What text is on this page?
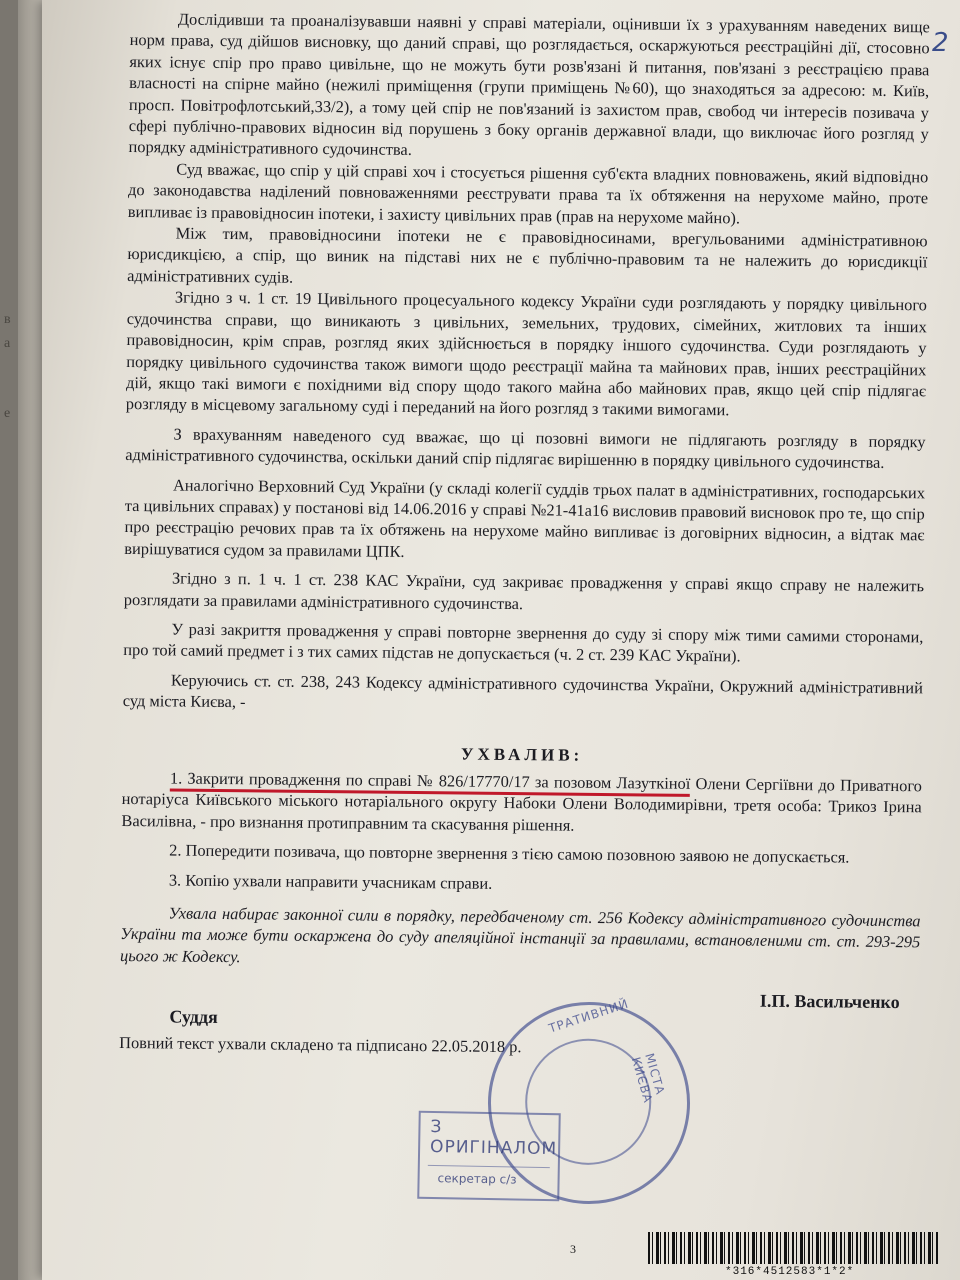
в
а
е
2

Дослідивши та проаналізувавши наявні у справі матеріали, оцінивши їх з урахуванням наведених вище норм права, суд дійшов висновку, що даний справі, що розглядається, оскаржуються реєстраційні дії, стосовно яких існує спір про право цивільне, що не можуть бути розв'язані й питання, пов'язані з реєстрацією права власності на спірне майно (нежилі приміщення (групи приміщень №60), що знаходяться за адресою: м. Київ, просп. Повітрофлотський,33/2), а тому цей спір не пов'язаний із захистом прав, свобод чи інтересів позивача у сфері публічно-правових відносин від порушень з боку органів державної влади, що виключає його розгляд у порядку адміністративного судочинства.

Суд вважає, що спір у цій справі хоч і стосується рішення суб'єкта владних повноважень, який відповідно до законодавства наділений повноваженнями реєструвати права та їх обтяження на нерухоме майно, проте випливає із правовідносин іпотеки, і захисту цивільних прав (прав на нерухоме майно).

Між тим, правовідносини іпотеки не є правовідносинами, врегульованими адміністративною юрисдикцією, а спір, що виник на підставі них не є публічно-правовим та не належить до юрисдикції адміністративних судів.

Згідно з ч. 1 ст. 19 Цивільного процесуального кодексу України суди розглядають у порядку цивільного судочинства справи, що виникають з цивільних, земельних, трудових, сімейних, житлових та інших правовідносин, крім справ, розгляд яких здійснюється в порядку іншого судочинства. Суди розглядають у порядку цивільного судочинства також вимоги щодо реєстрації майна та майнових прав, інших реєстраційних дій, якщо такі вимоги є похідними від спору щодо такого майна або майнових прав, якщо цей спір підлягає розгляду в місцевому загальному суді і переданий на його розгляд з такими вимогами.

З врахуванням наведеного суд вважає, що ці позовні вимоги не підлягають розгляду в порядку адміністративного судочинства, оскільки даний спір підлягає вирішенню в порядку цивільного судочинства.

Аналогічно Верховний Суд України (у складі колегії суддів трьох палат в адміністративних, господарських та цивільних справах) у постанові від 14.06.2016 у справі №21-41а16 висловив правовий висновок про те, що спір про реєстрацію речових прав та їх обтяжень на нерухоме майно випливає із договірних відносин, а відтак має вирішуватися судом за правилами ЦПК.

Згідно з п. 1 ч. 1 ст. 238 КАС України, суд закриває провадження у справі якщо справу не належить розглядати за правилами адміністративного судочинства.

У разі закриття провадження у справі повторне звернення до суду зі спору між тими самими сторонами, про той самий предмет і з тих самих підстав не допускається (ч. 2 ст. 239 КАС України).

Керуючись ст. ст. 238, 243 Кодексу адміністративного судочинства України, Окружний адміністративний суд міста Києва, -

УХВАЛИВ:

1. Закрити провадження по справі № 826/17770/17 за позовом Лазуткіної Олени Сергіївни до Приватного нотаріуса Київського міського нотаріального округу Набоки Олени Володимирівни, третя особа: Трикоз Ірина Василівна, - про визнання протиправним та скасування рішення.

2. Попередити позивача, що повторне звернення з тією самою позовною заявою не допускається.

3. Копію ухвали направити учасникам справи.

Ухвала набирає законної сили в порядку, передбаченому ст. 256 Кодексу адміністративного судочинства України та може бути оскаржена до суду апеляційної інстанції за правилами, встановленими ст. ст. 293-295 цього ж Кодексу.

Суддя
І.П. Васильченко

Повний текст ухвали складено та підписано 22.05.2018 р.

3
ТРАТИВНИЙ
МІСТА КИЄВА
З ОРИГІНАЛОМ
секретар с/з
*316*4512583*1*2*
